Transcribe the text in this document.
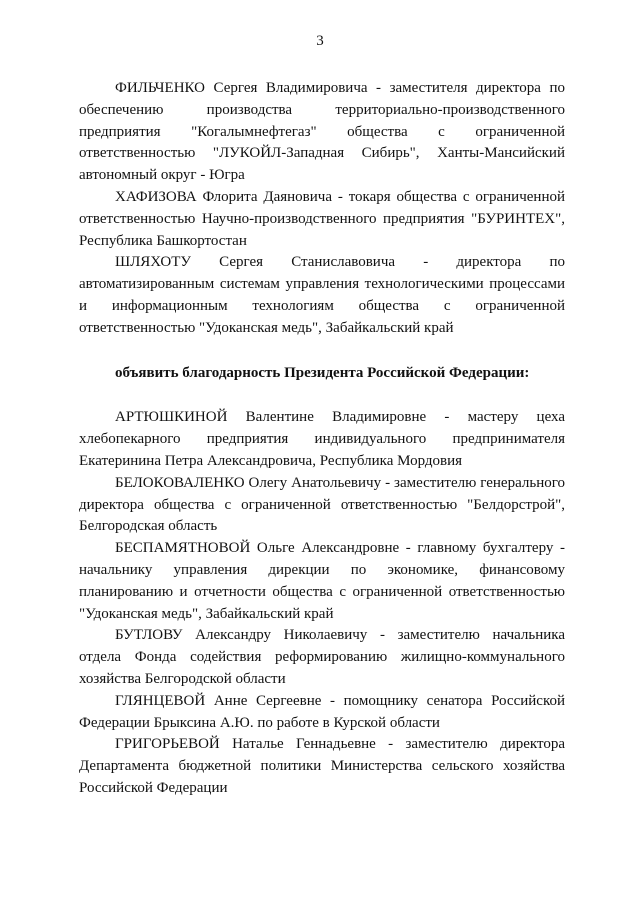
3

ФИЛЬЧЕНКО Сергея Владимировича - заместителя директора по обеспечению производства территориально-производственного предприятия "Когалымнефтегаз" общества с ограниченной ответственностью "ЛУКОЙЛ-Западная Сибирь", Ханты-Мансийский автономный округ - Югра

ХАФИЗОВА Флорита Даяновича - токаря общества с ограниченной ответственностью Научно-производственного предприятия "БУРИНТЕХ", Республика Башкортостан

ШЛЯХОТУ Сергея Станиславовича - директора по автоматизированным системам управления технологическими процессами и информационным технологиям общества с ограниченной ответственностью "Удоканская медь", Забайкальский край

объявить благодарность Президента Российской Федерации:

АРТЮШКИНОЙ Валентине Владимировне - мастеру цеха хлебопекарного предприятия индивидуального предпринимателя Екатеринина Петра Александровича, Республика Мордовия

БЕЛОКОВАЛЕНКО Олегу Анатольевичу - заместителю генерального директора общества с ограниченной ответственностью "Белдорстрой", Белгородская область

БЕСПАМЯТНОВОЙ Ольге Александровне - главному бухгалтеру - начальнику управления дирекции по экономике, финансовому планированию и отчетности общества с ограниченной ответственностью "Удоканская медь", Забайкальский край

БУТЛОВУ Александру Николаевичу - заместителю начальника отдела Фонда содействия реформированию жилищно-коммунального хозяйства Белгородской области

ГЛЯНЦЕВОЙ Анне Сергеевне - помощнику сенатора Российской Федерации Брыксина А.Ю. по работе в Курской области

ГРИГОРЬЕВОЙ Наталье Геннадьевне - заместителю директора Департамента бюджетной политики Министерства сельского хозяйства Российской Федерации
